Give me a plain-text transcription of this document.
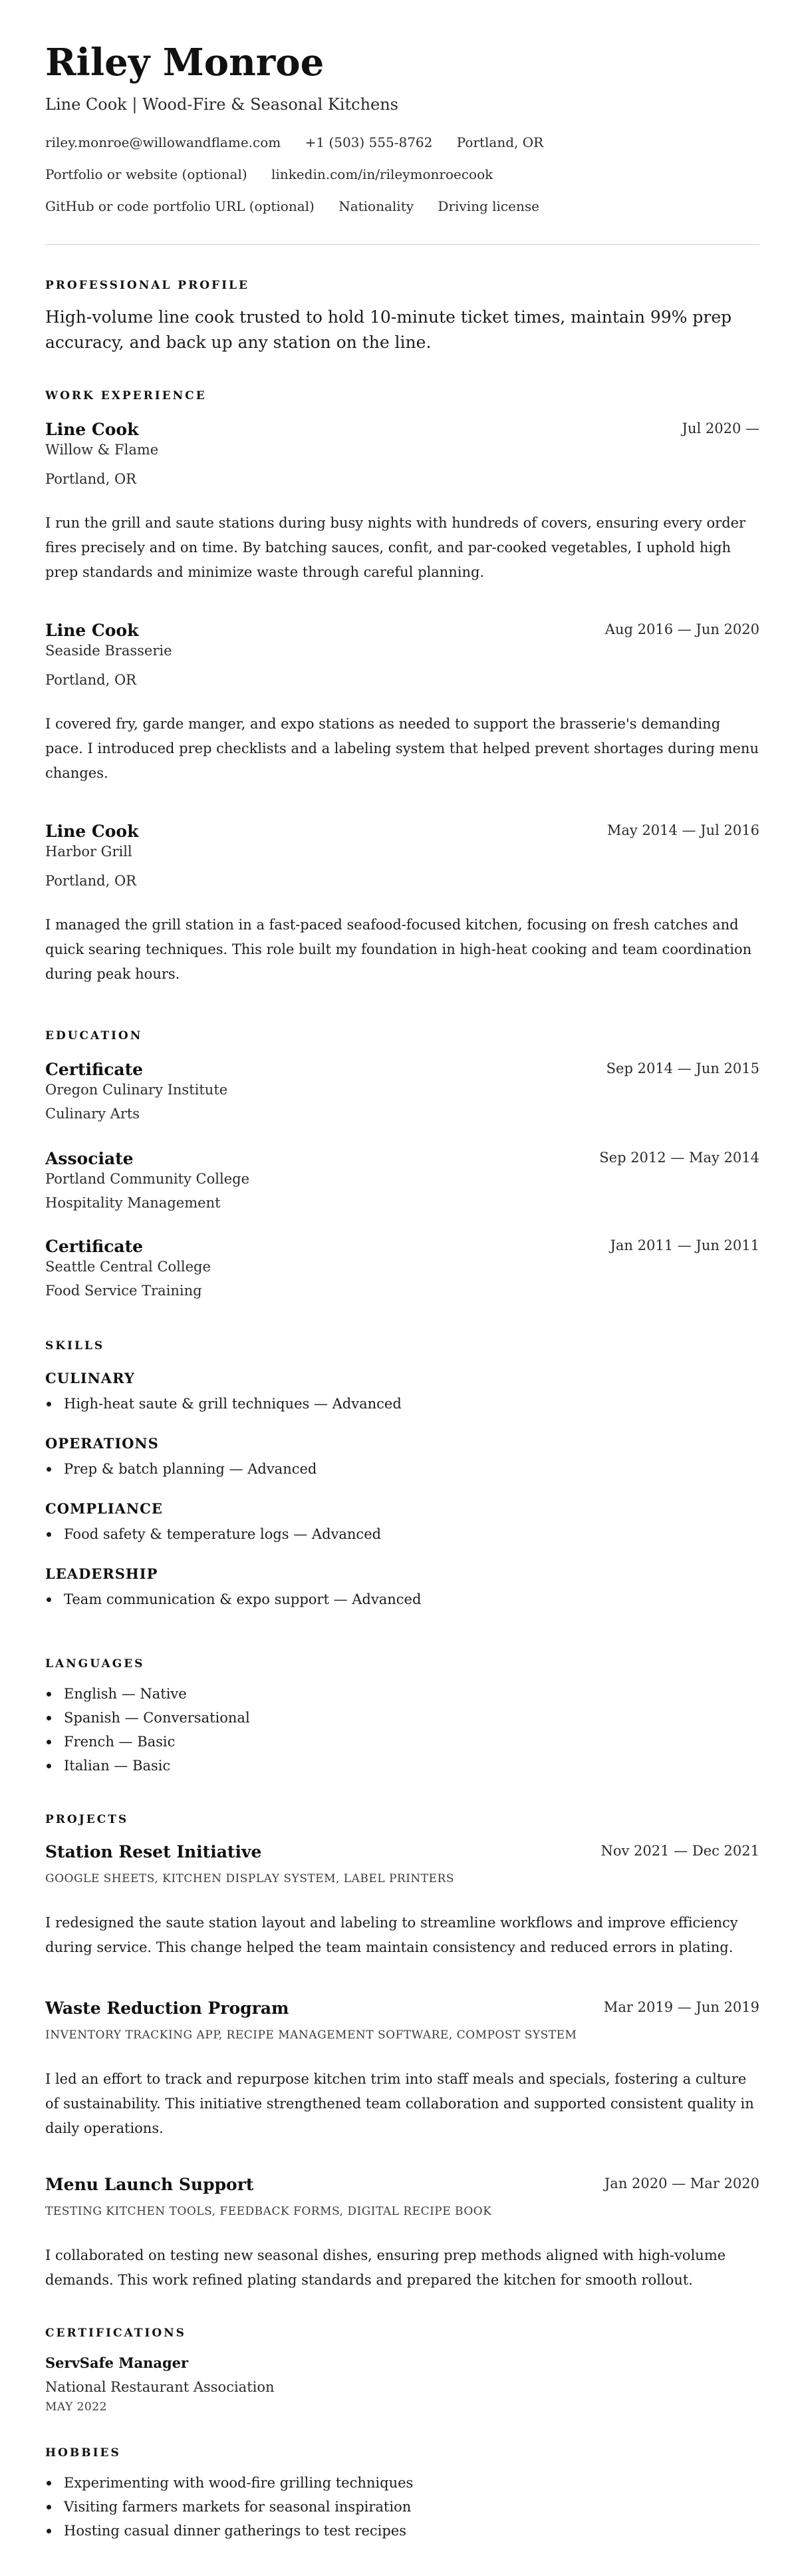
Riley Monroe
Line Cook | Wood-Fire & Seasonal Kitchens
riley.monroe@willowandflame.com +1 (503) 555-8762 Portland, OR
Portfolio or website (optional) linkedin.com/in/rileymonroecook
GitHub or code portfolio URL (optional) Nationality Driving license
PROFESSIONAL PROFILE
High-volume line cook trusted to hold 10-minute ticket times, maintain 99% prep accuracy, and back up any station on the line.
WORK EXPERIENCE
Line Cook	Jul 2020 —
Willow & Flame
Portland, OR
I run the grill and saute stations during busy nights with hundreds of covers, ensuring every order fires precisely and on time. By batching sauces, confit, and par-cooked vegetables, I uphold high prep standards and minimize waste through careful planning.
Line Cook	Aug 2016 — Jun 2020
Seaside Brasserie
Portland, OR
I covered fry, garde manger, and expo stations as needed to support the brasserie's demanding pace. I introduced prep checklists and a labeling system that helped prevent shortages during menu changes.
Line Cook	May 2014 — Jul 2016
Harbor Grill
Portland, OR
I managed the grill station in a fast-paced seafood-focused kitchen, focusing on fresh catches and quick searing techniques. This role built my foundation in high-heat cooking and team coordination during peak hours.
EDUCATION
Certificate	Sep 2014 — Jun 2015
Oregon Culinary Institute
Culinary Arts
Associate	Sep 2012 — May 2014
Portland Community College
Hospitality Management
Certificate	Jan 2011 — Jun 2011
Seattle Central College
Food Service Training
SKILLS
CULINARY
High-heat saute & grill techniques — Advanced
OPERATIONS
Prep & batch planning — Advanced
COMPLIANCE
Food safety & temperature logs — Advanced
LEADERSHIP
Team communication & expo support — Advanced
LANGUAGES
English — Native
Spanish — Conversational
French — Basic
Italian — Basic
PROJECTS
Station Reset Initiative	Nov 2021 — Dec 2021
GOOGLE SHEETS, KITCHEN DISPLAY SYSTEM, LABEL PRINTERS
I redesigned the saute station layout and labeling to streamline workflows and improve efficiency during service. This change helped the team maintain consistency and reduced errors in plating.
Waste Reduction Program	Mar 2019 — Jun 2019
INVENTORY TRACKING APP, RECIPE MANAGEMENT SOFTWARE, COMPOST SYSTEM
I led an effort to track and repurpose kitchen trim into staff meals and specials, fostering a culture of sustainability. This initiative strengthened team collaboration and supported consistent quality in daily operations.
Menu Launch Support	Jan 2020 — Mar 2020
TESTING KITCHEN TOOLS, FEEDBACK FORMS, DIGITAL RECIPE BOOK
I collaborated on testing new seasonal dishes, ensuring prep methods aligned with high-volume demands. This work refined plating standards and prepared the kitchen for smooth rollout.
CERTIFICATIONS
ServSafe Manager
National Restaurant Association
MAY 2022
HOBBIES
Experimenting with wood-fire grilling techniques
Visiting farmers markets for seasonal inspiration
Hosting casual dinner gatherings to test recipes
